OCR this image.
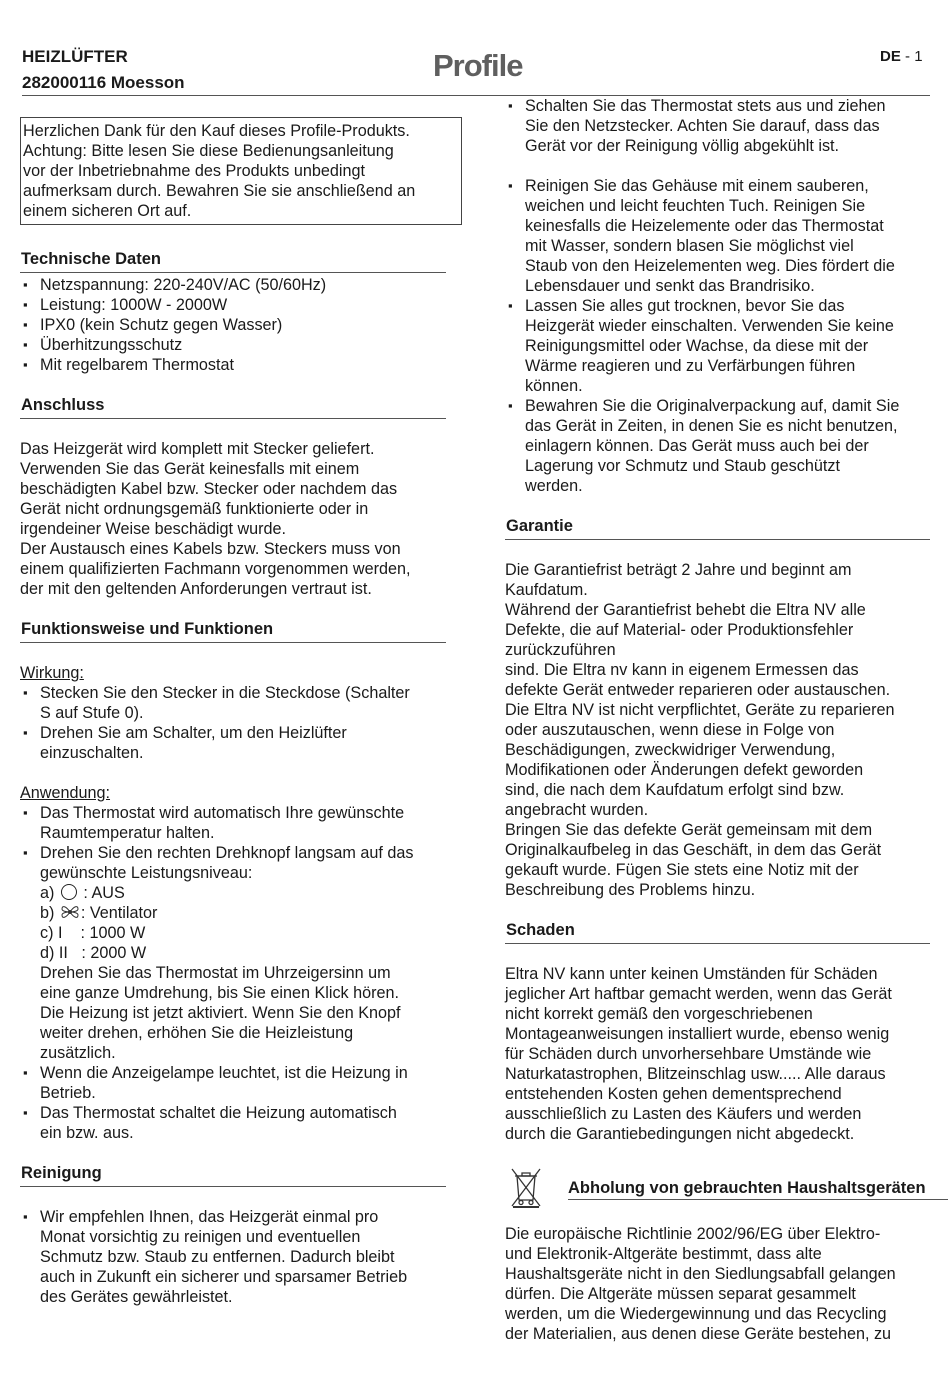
HEIZLÜFTER
282000116 Moesson	Profile	DE - 1
Herzlichen Dank für den Kauf dieses Profile-Produkts.
Achtung: Bitte lesen Sie diese Bedienungsanleitung
vor der Inbetriebnahme des Produkts unbedingt
aufmerksam durch. Bewahren Sie sie anschließend an
einem sicheren Ort auf.
Technische Daten
▪ Netzspannung: 220-240V/AC (50/60Hz)
▪ Leistung: 1000W - 2000W
▪ IPX0 (kein Schutz gegen Wasser)
▪ Überhitzungsschutz
▪ Mit regelbarem Thermostat
Anschluss
Das Heizgerät wird komplett mit Stecker geliefert.
Verwenden Sie das Gerät keinesfalls mit einem
beschädigten Kabel bzw. Stecker oder nachdem das
Gerät nicht ordnungsgemäß funktionierte oder in
irgendeiner Weise beschädigt wurde.
Der Austausch eines Kabels bzw. Steckers muss von
einem qualifizierten Fachmann vorgenommen werden,
der mit den geltenden Anforderungen vertraut ist.
Funktionsweise und Funktionen
Wirkung:
▪ Stecken Sie den Stecker in die Steckdose (Schalter
S auf Stufe 0).
▪ Drehen Sie am Schalter, um den Heizlüfter
einzuschalten.
Anwendung:
▪ Das Thermostat wird automatisch Ihre gewünschte
Raumtemperatur halten.
▪ Drehen Sie den rechten Drehknopf langsam auf das
gewünschte Leistungsniveau:
a)  : AUS
b) : Ventilator
c) I    : 1000 W
d) II   : 2000 W
Drehen Sie das Thermostat im Uhrzeigersinn um
eine ganze Umdrehung, bis Sie einen Klick hören.
Die Heizung ist jetzt aktiviert. Wenn Sie den Knopf
weiter drehen, erhöhen Sie die Heizleistung
zusätzlich.
▪ Wenn die Anzeigelampe leuchtet, ist die Heizung in
Betrieb.
▪ Das Thermostat schaltet die Heizung automatisch
ein bzw. aus.
Reinigung
▪ Wir empfehlen Ihnen, das Heizgerät einmal pro
Monat vorsichtig zu reinigen und eventuellen
Schmutz bzw. Staub zu entfernen. Dadurch bleibt
auch in Zukunft ein sicherer und sparsamer Betrieb
des Gerätes gewährleistet.
▪ Schalten Sie das Thermostat stets aus und ziehen
Sie den Netzstecker. Achten Sie darauf, dass das
Gerät vor der Reinigung völlig abgekühlt ist.
▪ Reinigen Sie das Gehäuse mit einem sauberen,
weichen und leicht feuchten Tuch. Reinigen Sie
keinesfalls die Heizelemente oder das Thermostat
mit Wasser, sondern blasen Sie möglichst viel
Staub von den Heizelementen weg. Dies fördert die
Lebensdauer und senkt das Brandrisiko.
▪ Lassen Sie alles gut trocknen, bevor Sie das
Heizgerät wieder einschalten. Verwenden Sie keine
Reinigungsmittel oder Wachse, da diese mit der
Wärme reagieren und zu Verfärbungen führen
können.
▪ Bewahren Sie die Originalverpackung auf, damit Sie
das Gerät in Zeiten, in denen Sie es nicht benutzen,
einlagern können. Das Gerät muss auch bei der
Lagerung vor Schmutz und Staub geschützt
werden.
Garantie
Die Garantiefrist beträgt 2 Jahre und beginnt am
Kaufdatum.
Während der Garantiefrist behebt die Eltra NV alle
Defekte, die auf Material- oder Produktionsfehler
zurückzuführen
sind. Die Eltra nv kann in eigenem Ermessen das
defekte Gerät entweder reparieren oder austauschen.
Die Eltra NV ist nicht verpflichtet, Geräte zu reparieren
oder auszutauschen, wenn diese in Folge von
Beschädigungen, zweckwidriger Verwendung,
Modifikationen oder Änderungen defekt geworden
sind, die nach dem Kaufdatum erfolgt sind bzw.
angebracht wurden.
Bringen Sie das defekte Gerät gemeinsam mit dem
Originalkaufbeleg in das Geschäft, in dem das Gerät
gekauft wurde. Fügen Sie stets eine Notiz mit der
Beschreibung des Problems hinzu.
Schaden
Eltra NV kann unter keinen Umständen für Schäden
jeglicher Art haftbar gemacht werden, wenn das Gerät
nicht korrekt gemäß den vorgeschriebenen
Montageanweisungen installiert wurde, ebenso wenig
für Schäden durch unvorhersehbare Umstände wie
Naturkatastrophen, Blitzeinschlag usw..... Alle daraus
entstehenden Kosten gehen dementsprechend
ausschließlich zu Lasten des Käufers und werden
durch die Garantiebedingungen nicht abgedeckt.
Abholung von gebrauchten Haushaltsgeräten
Die europäische Richtlinie 2002/96/EG über Elektro-
und Elektronik-Altgeräte bestimmt, dass alte
Haushaltsgeräte nicht in den Siedlungsabfall gelangen
dürfen. Die Altgeräte müssen separat gesammelt
werden, um die Wiedergewinnung und das Recycling
der Materialien, aus denen diese Geräte bestehen, zu
